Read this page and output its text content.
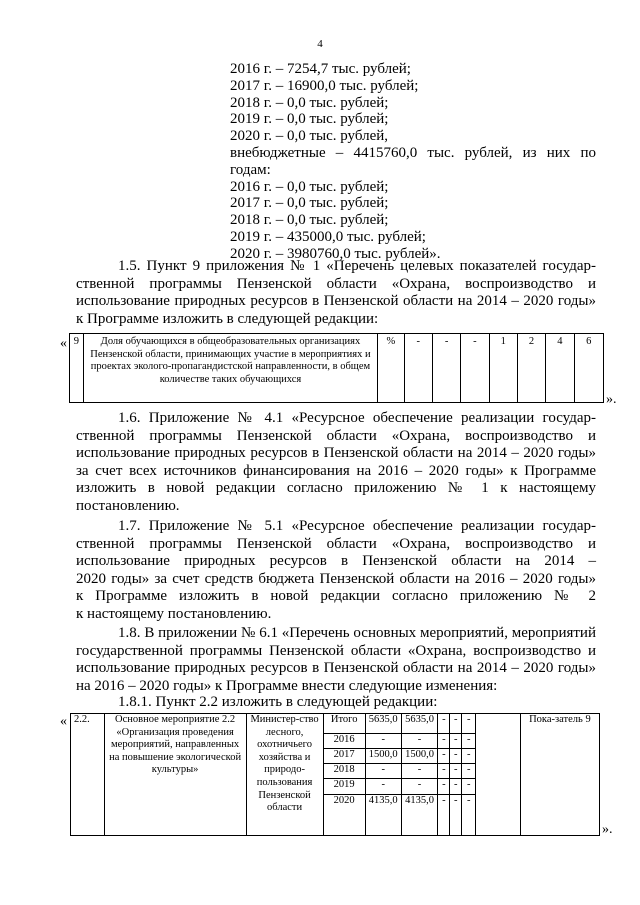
4
2016 г. – 7254,7 тыс. рублей;
2017 г. – 16900,0 тыс. рублей;
2018 г. – 0,0 тыс. рублей;
2019 г. – 0,0 тыс. рублей;
2020 г. – 0,0 тыс. рублей,
внебюджетные – 4415760,0 тыс. рублей, из них по
годам:
2016 г. – 0,0 тыс. рублей;
2017 г. – 0,0 тыс. рублей;
2018 г. – 0,0 тыс. рублей;
2019 г. – 435000,0 тыс. рублей;
2020 г. – 3980760,0 тыс. рублей».

1.5. Пункт 9 приложения № 1 «Перечень целевых показателей государ-
ственной программы Пензенской области «Охрана, воспроизводство и
использование природных ресурсов в Пензенской области на 2014 – 2020 годы»
к Программе изложить в следующей редакции:

« 9	Доля обучающихся в общеобразовательных организациях Пензенской области, принимающих участие в мероприятиях и проектах эколого-пропагандистской направленности, в общем количестве таких обучающихся	%	-	-	-	1	2	4	6
».

1.6. Приложение № 4.1 «Ресурсное обеспечение реализации государ-
ственной программы Пензенской области «Охрана, воспроизводство и
использование природных ресурсов в Пензенской области на 2014 – 2020 годы»
за счет всех источников финансирования на 2016 – 2020 годы» к Программе
изложить в новой редакции согласно приложению № 1 к настоящему
постановлению.

1.7. Приложение № 5.1 «Ресурсное обеспечение реализации государ-
ственной программы Пензенской области «Охрана, воспроизводство и
использование природных ресурсов в Пензенской области на 2014 –
2020 годы» за счет средств бюджета Пензенской области на 2016 – 2020 годы»
к Программе изложить в новой редакции согласно приложению № 2
к настоящему постановлению.

1.8. В приложении № 6.1 «Перечень основных мероприятий, мероприятий
государственной программы Пензенской области «Охрана, воспроизводство и
использование природных ресурсов в Пензенской области на 2014 – 2020 годы»
на 2016 – 2020 годы» к Программе внести следующие изменения:

1.8.1. Пункт 2.2 изложить в следующей редакции:

« 2.2.	Основное мероприятие 2.2 «Организация проведения мероприятий, направленных на повышение экологической культуры»	Министер-ство лесного, охотничьего хозяйства и природо-пользования Пензенской области	Итого	5635,0	5635,0	-	-	-		Пока-затель 9
			2016	-	-	-	-	-		
			2017	1500,0	1500,0	-	-	-		
			2018	-	-	-	-	-		
			2019	-	-	-	-	-		
			2020	4135,0	4135,0	-	-	-		
».
